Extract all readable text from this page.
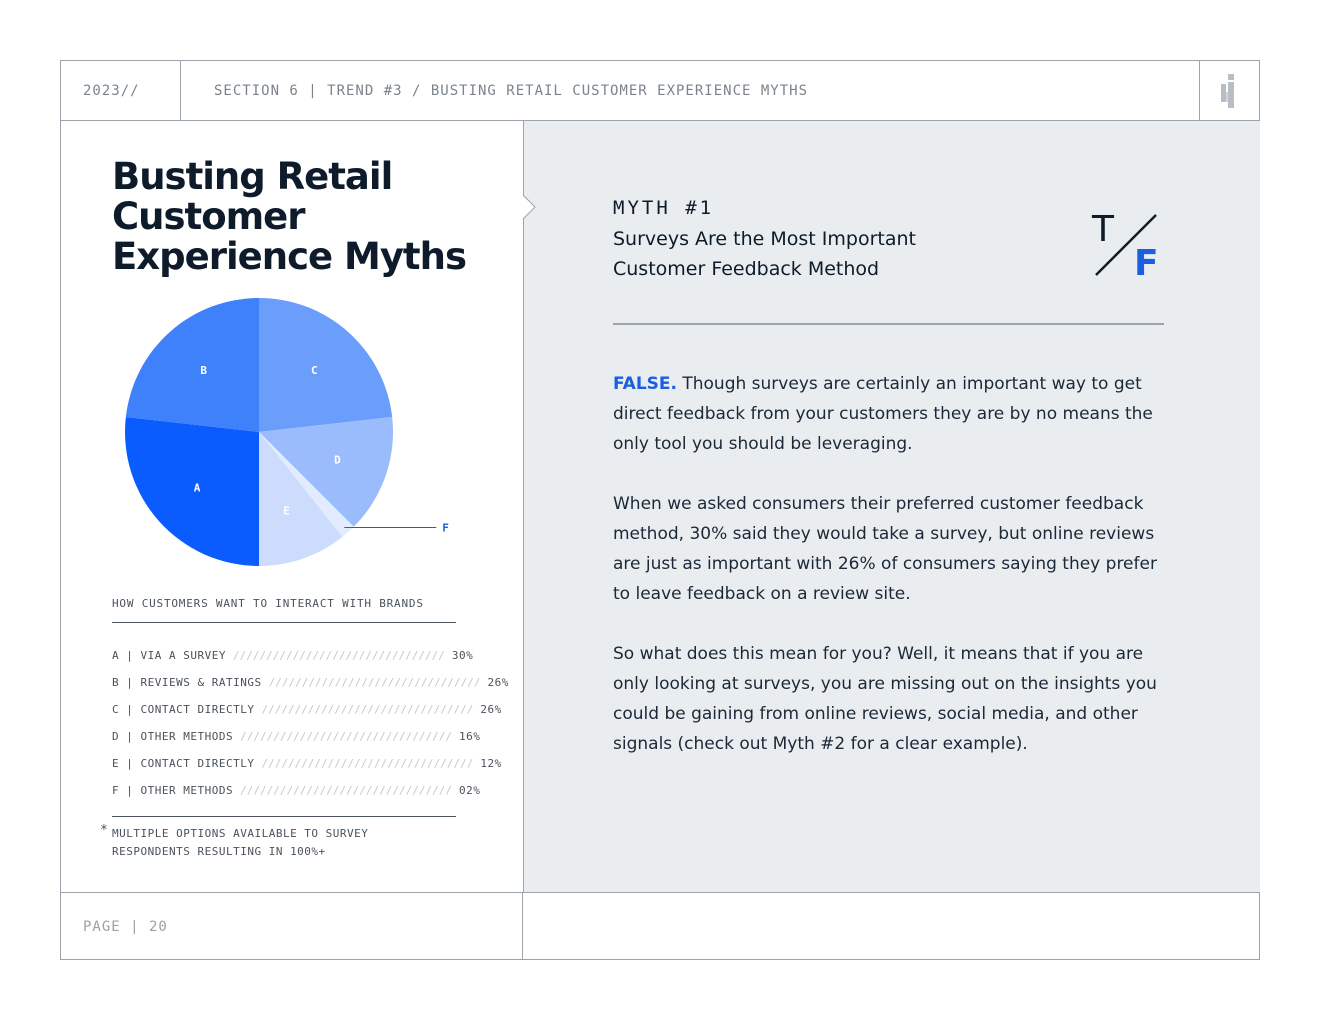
2023//	SECTION 6 | TREND #3 / BUSTING RETAIL CUSTOMER EXPERIENCE MYTHS
Busting Retail Customer Experience Myths
C
D
F
E
A
B
HOW CUSTOMERS WANT TO INTERACT WITH BRANDS
A | VIA A SURVEY //////////////////////////////// 30%
B | REVIEWS & RATINGS //////////////////////////////// 26%
C | CONTACT DIRECTLY //////////////////////////////// 26%
D | OTHER METHODS //////////////////////////////// 16%
E | CONTACT DIRECTLY //////////////////////////////// 12%
F | OTHER METHODS //////////////////////////////// 02%
* MULTIPLE OPTIONS AVAILABLE TO SURVEY RESPONDENTS RESULTING IN 100%+
MYTH #1
Surveys Are the Most Important Customer Feedback Method
T
F

FALSE. Though surveys are certainly an important way to get direct feedback from your customers they are by no means the only tool you should be leveraging.

When we asked consumers their preferred customer feedback method, 30% said they would take a survey, but online reviews are just as important with 26% of consumers saying they prefer to leave feedback on a review site.

So what does this mean for you? Well, it means that if you are only looking at surveys, you are missing out on the insights you could be gaining from online reviews, social media, and other signals (check out Myth #2 for a clear example).

PAGE | 20
